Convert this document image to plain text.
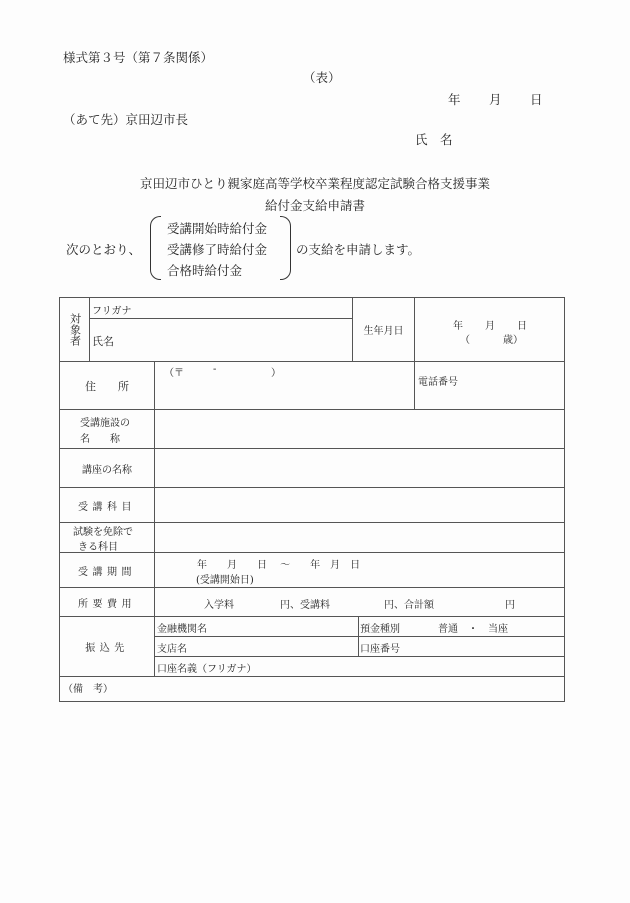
様式第３号（第７条関係）
（表）
年 月 日
（あて先）京田辺市長
氏　名
京田辺市ひとり親家庭高等学校卒業程度認定試験合格支援事業
給付金支給申請書
次のとおり、
受講開始時給付金
受講修了時給付金
合格時給付金
の支給を申請します。
対象者
フリガナ
氏名
生年月日	年 月 日
（	歳）
住　　所
（〒	-	）
電話番号
受講施設の
名　　称
講座の名称
受講科目
試験を免除で
きる科目
受講期間
年　　月　　日　 〜　　年　月　日
(受講開始日)
所要費用	入学料	円、受講料	円、合計額	円
振込先
金融機関名	預金種別	普通　・　当座
支店名	口座番号
口座名義（フリガナ）
（備　考）
